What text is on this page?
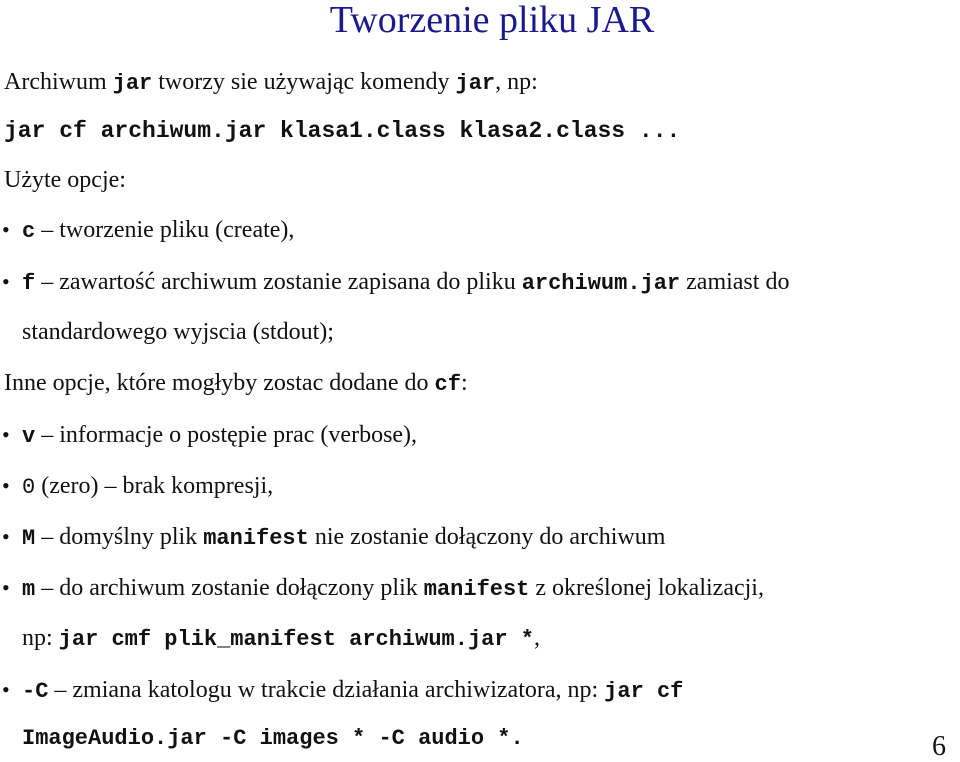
Tworzenie pliku JAR
Archiwum jar tworzy sie używając komendy jar, np:
jar cf archiwum.jar klasa1.class klasa2.class ...
Użyte opcje:
• c – tworzenie pliku (create),
• f – zawartość archiwum zostanie zapisana do pliku archiwum.jar zamiast do
standardowego wyjscia (stdout);
Inne opcje, które mogłyby zostac dodane do cf:
• v – informacje o postępie prac (verbose),
• 0 (zero) – brak kompresji,
• M – domyślny plik manifest nie zostanie dołączony do archiwum
• m – do archiwum zostanie dołączony plik manifest z określonej lokalizacji,
np: jar cmf plik_manifest archiwum.jar *,
• -C – zmiana katologu w trakcie działania archiwizatora, np: jar cf
ImageAudio.jar -C images * -C audio *.	6
